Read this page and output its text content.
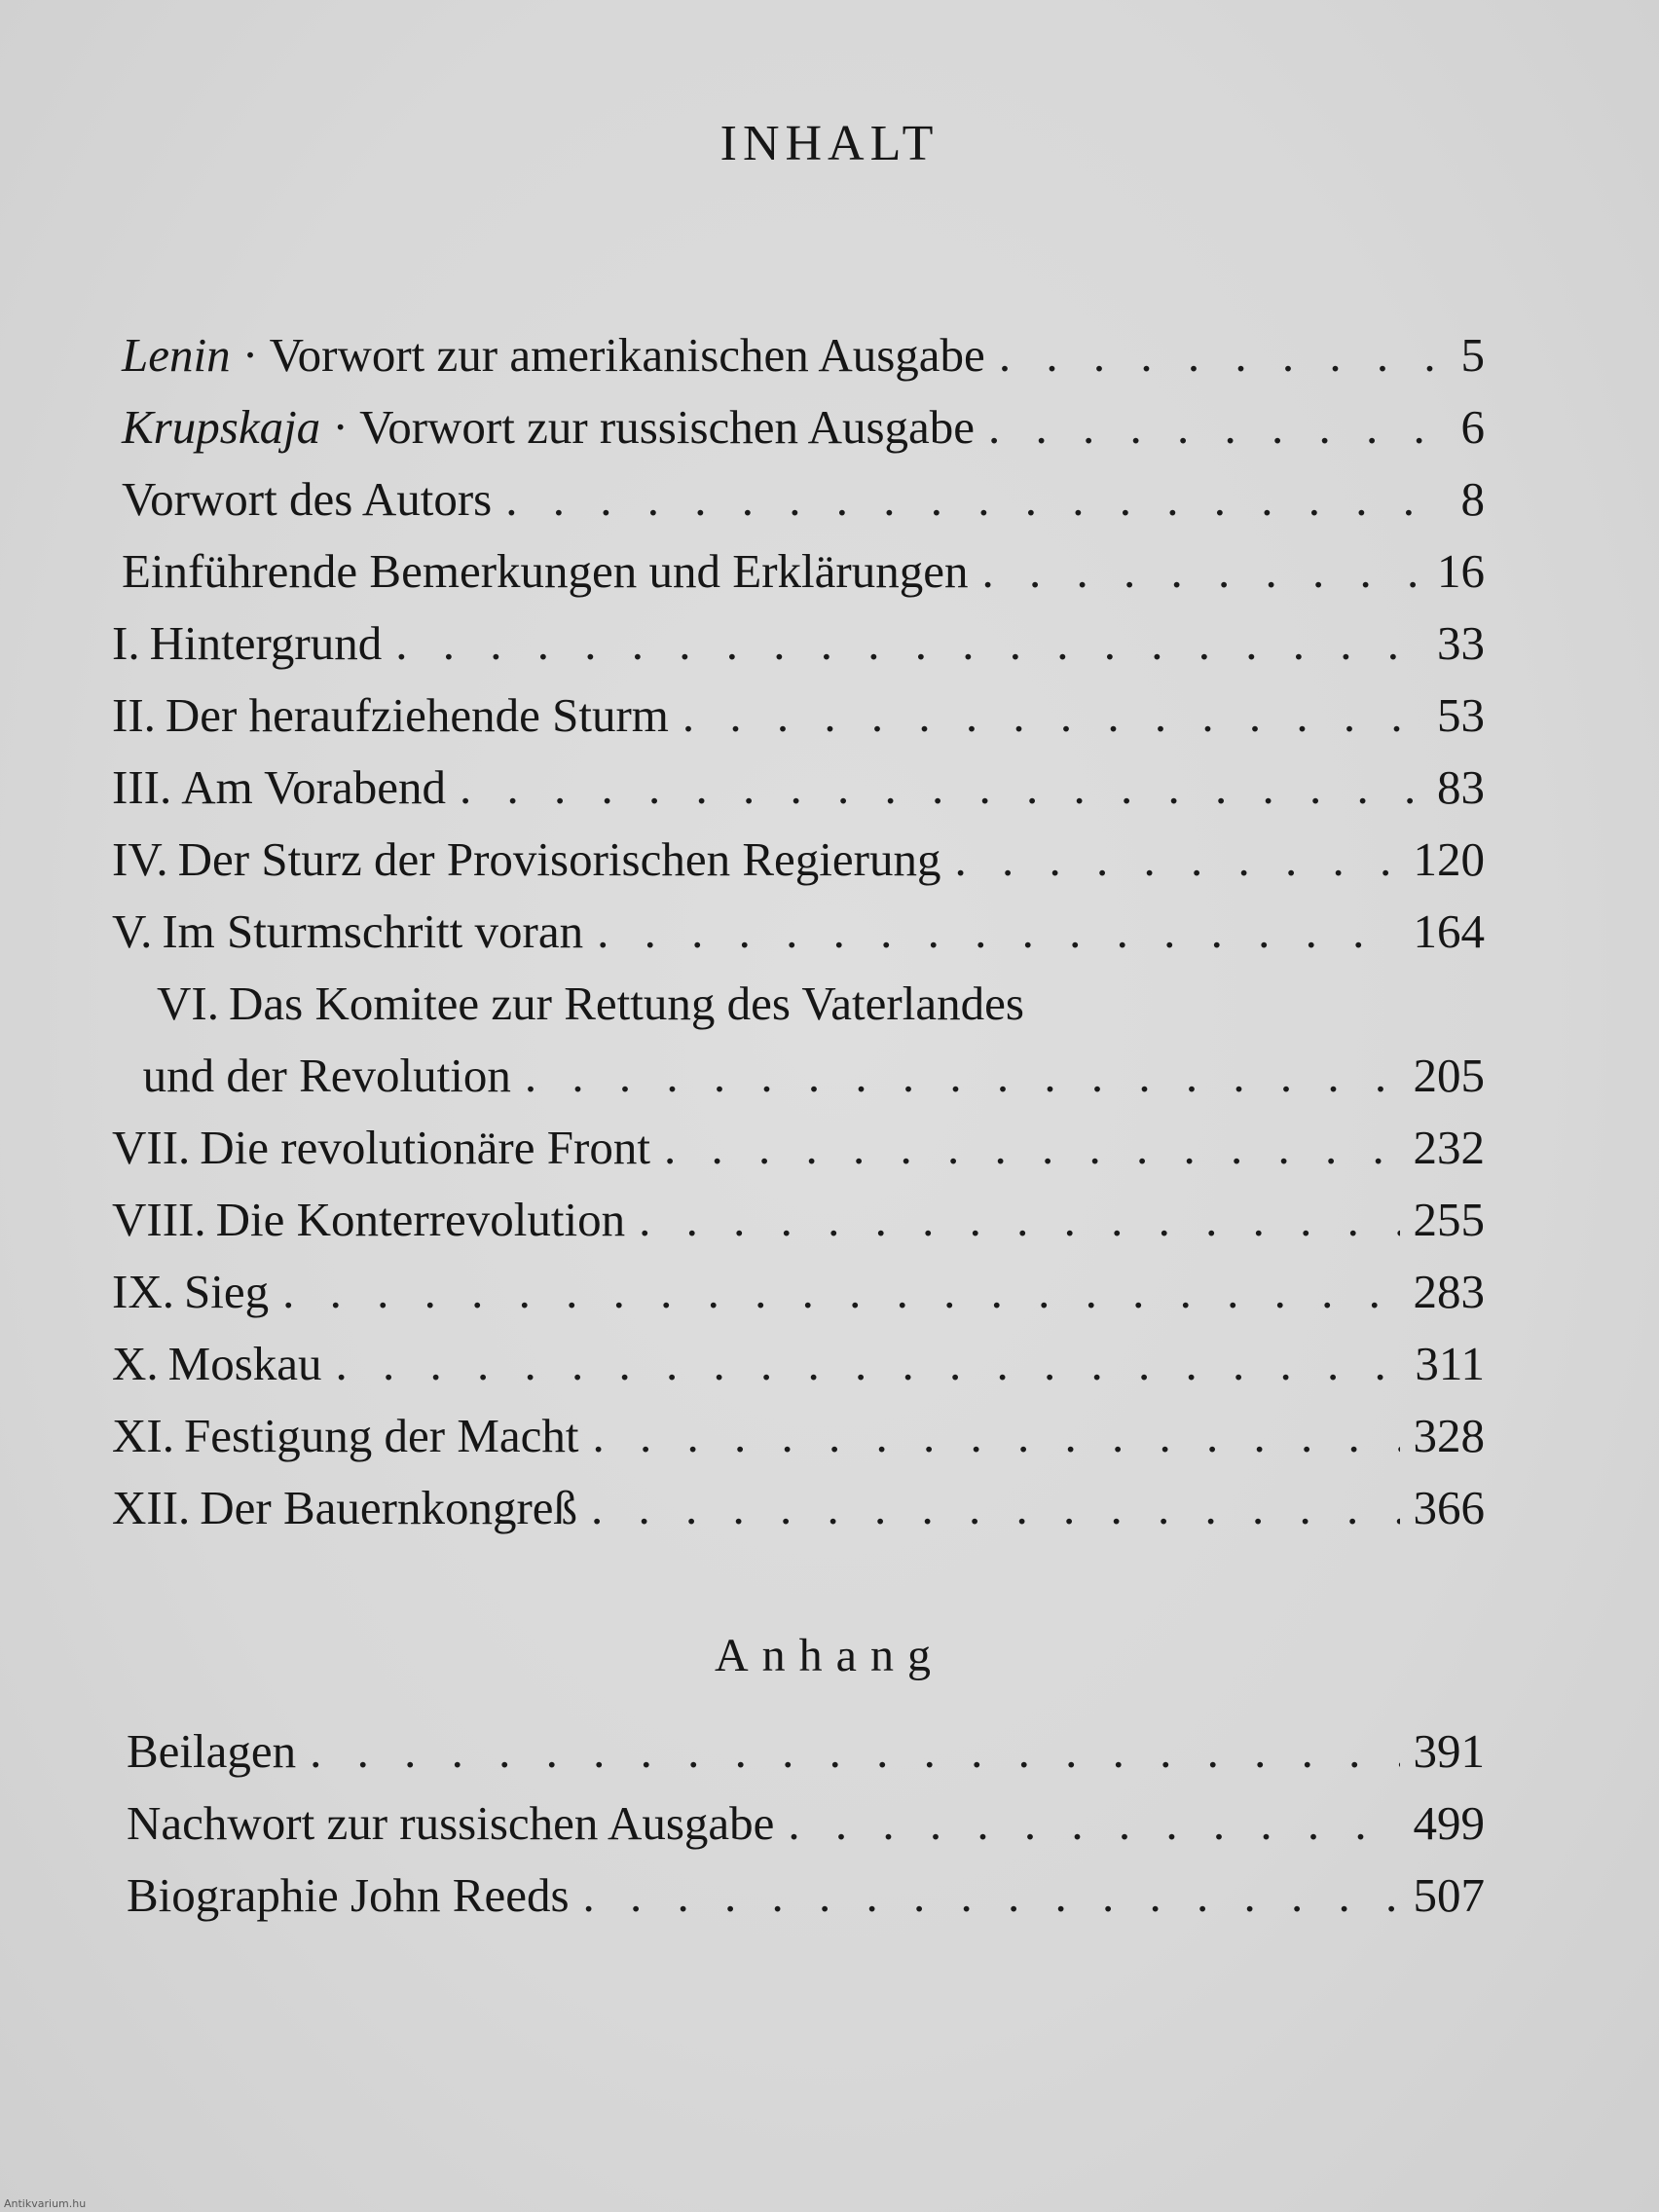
INHALT
Lenin · Vorwort zur amerikanischen Ausgabe . . .	5
Krupskaja · Vorwort zur russischen Ausgabe . . .	6
Vorwort des Autors . . .	8
Einführende Bemerkungen und Erklärungen . . .	16
I. Hintergrund . . .	33
II. Der heraufziehende Sturm . . .	53
III. Am Vorabend . . .	83
IV. Der Sturz der Provisorischen Regierung . . .	120
V. Im Sturmschritt voran . . .	164
VI. Das Komitee zur Rettung des Vaterlandes
und der Revolution . . .	205
VII. Die revolutionäre Front . . .	232
VIII. Die Konterrevolution . . .	255
IX. Sieg . . .	283
X. Moskau . . .	311
XI. Festigung der Macht . . .	328
XII. Der Bauernkongreß . . .	366
Anhang
Beilagen . . .	391
Nachwort zur russischen Ausgabe . . .	499
Biographie John Reeds . . .	507
Antikvarium.hu
